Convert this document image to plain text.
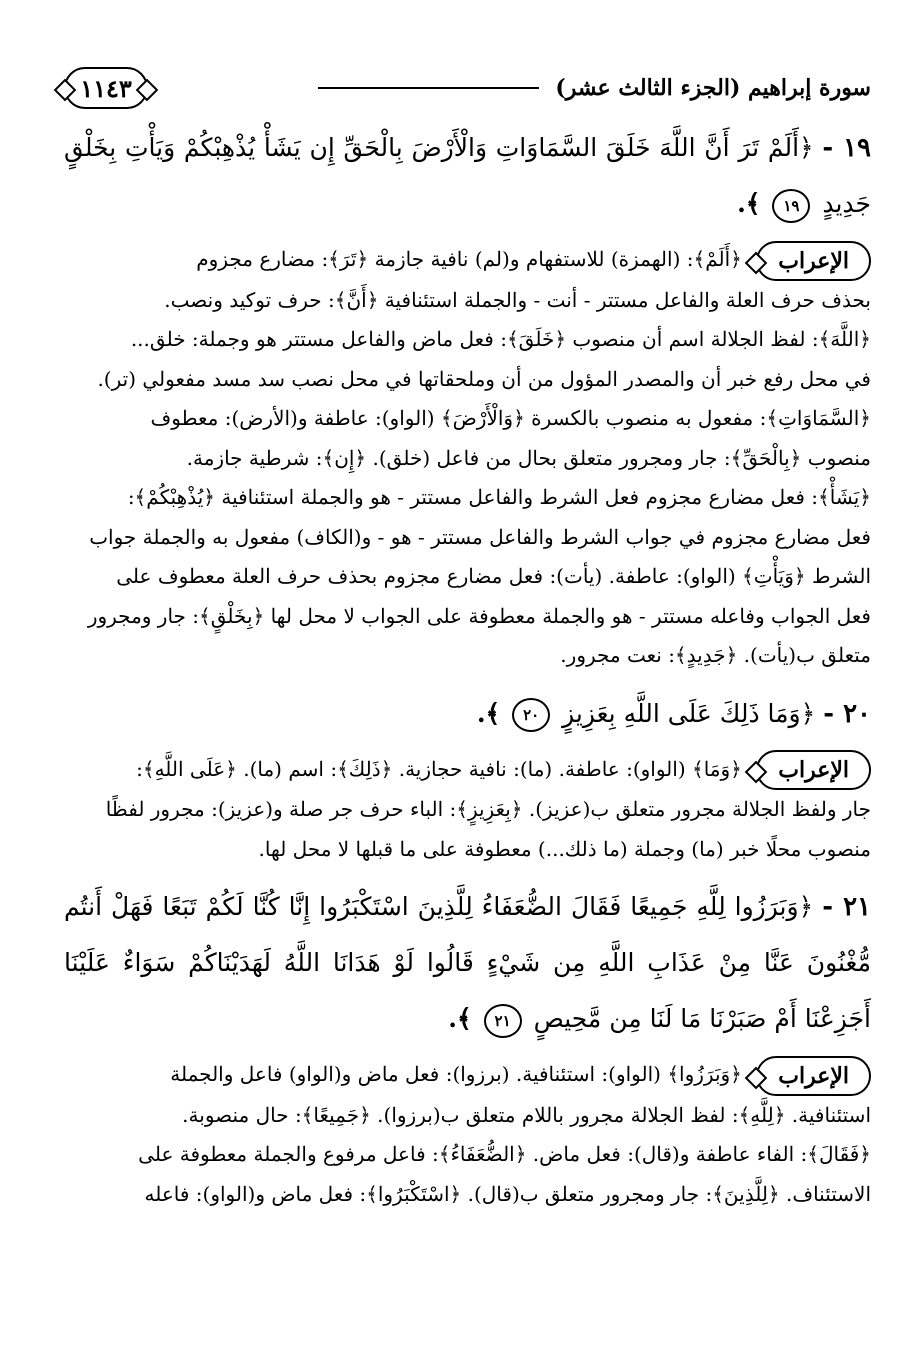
سورة إبراهيم (الجزء الثالث عشر)
١١٤٣
١٩ - ﴿أَلَمْ تَرَ أَنَّ اللَّهَ خَلَقَ السَّمَاوَاتِ وَالْأَرْضَ بِالْحَقِّ إِن يَشَأْ يُذْهِبْكُمْ وَيَأْتِ بِخَلْقٍ جَدِيدٍ ١٩ ﴾.
الإعراب ﴿أَلَمْ﴾: (الهمزة) للاستفهام و(لم) نافية جازمة ﴿تَرَ﴾: مضارع مجزوم
بحذف حرف العلة والفاعل مستتر - أنت - والجملة استئنافية ﴿أَنَّ﴾: حرف توكيد ونصب.
﴿اللَّهَ﴾: لفظ الجلالة اسم أن منصوب ﴿خَلَقَ﴾: فعل ماض والفاعل مستتر هو وجملة: خلق...
في محل رفع خبر أن والمصدر المؤول من أن وملحقاتها في محل نصب سد مسد مفعولي (تر).
﴿السَّمَاوَاتِ﴾: مفعول به منصوب بالكسرة ﴿وَالْأَرْضَ﴾ (الواو): عاطفة و(الأرض): معطوف
منصوب ﴿بِالْحَقِّ﴾: جار ومجرور متعلق بحال من فاعل (خلق). ﴿إِن﴾: شرطية جازمة.
﴿يَشَأْ﴾: فعل مضارع مجزوم فعل الشرط والفاعل مستتر - هو والجملة استئنافية ﴿يُذْهِبْكُمْ﴾:
فعل مضارع مجزوم في جواب الشرط والفاعل مستتر - هو - و(الكاف) مفعول به والجملة جواب
الشرط ﴿وَيَأْتِ﴾ (الواو): عاطفة. (يأت): فعل مضارع مجزوم بحذف حرف العلة معطوف على
فعل الجواب وفاعله مستتر - هو والجملة معطوفة على الجواب لا محل لها ﴿بِخَلْقٍ﴾: جار ومجرور
متعلق ب(يأت). ﴿جَدِيدٍ﴾: نعت مجرور.
٢٠ - ﴿وَمَا ذَلِكَ عَلَى اللَّهِ بِعَزِيزٍ ٢٠ ﴾.
الإعراب ﴿وَمَا﴾ (الواو): عاطفة. (ما): نافية حجازية. ﴿ذَلِكَ﴾: اسم (ما). ﴿عَلَى اللَّهِ﴾:
جار ولفظ الجلالة مجرور متعلق ب(عزيز). ﴿بِعَزِيزٍ﴾: الباء حرف جر صلة و(عزيز): مجرور لفظًا
منصوب محلًا خبر (ما) وجملة (ما ذلك...) معطوفة على ما قبلها لا محل لها.
٢١ - ﴿وَبَرَزُوا لِلَّهِ جَمِيعًا فَقَالَ الضُّعَفَاءُ لِلَّذِينَ اسْتَكْبَرُوا إِنَّا كُنَّا لَكُمْ تَبَعًا فَهَلْ أَنتُم مُّغْنُونَ عَنَّا مِنْ عَذَابِ اللَّهِ مِن شَيْءٍ قَالُوا لَوْ هَدَانَا اللَّهُ لَهَدَيْنَاكُمْ سَوَاءٌ عَلَيْنَا أَجَزِعْنَا أَمْ صَبَرْنَا مَا لَنَا مِن مَّحِيصٍ ٢١ ﴾.
الإعراب ﴿وَبَرَزُوا﴾ (الواو): استئنافية. (برزوا): فعل ماض و(الواو) فاعل والجملة
استئنافية. ﴿لِلَّهِ﴾: لفظ الجلالة مجرور باللام متعلق ب(برزوا). ﴿جَمِيعًا﴾: حال منصوبة.
﴿فَقَالَ﴾: الفاء عاطفة و(قال): فعل ماض. ﴿الضُّعَفَاءُ﴾: فاعل مرفوع والجملة معطوفة على
الاستئناف. ﴿لِلَّذِينَ﴾: جار ومجرور متعلق ب(قال). ﴿اسْتَكْبَرُوا﴾: فعل ماض و(الواو): فاعله
